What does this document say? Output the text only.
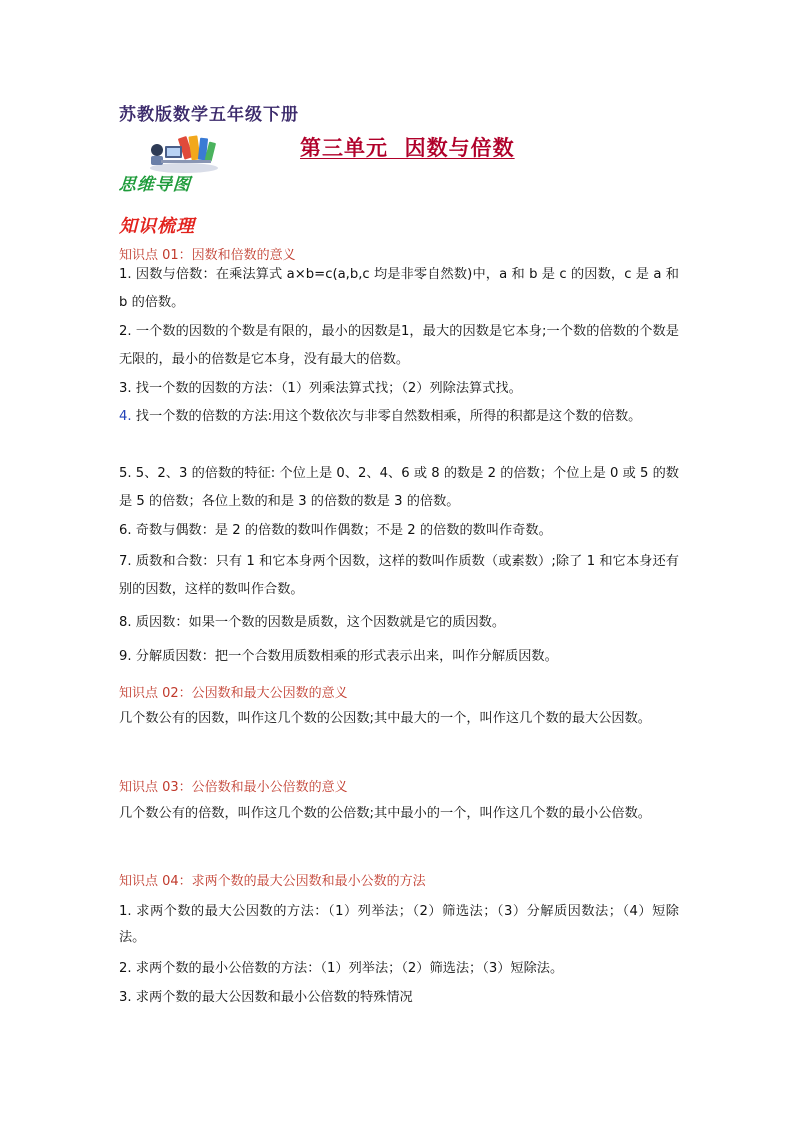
苏教版数学五年级下册
第三单元  因数与倍数
思维导图
知识梳理
知识点 01：因数和倍数的意义
1. 因数与倍数：在乘法算式 a×b=c(a,b,c 均是非零自然数)中，a 和 b 是 c 的因数，c 是 a 和 b 的倍数。
2. 一个数的因数的个数是有限的，最小的因数是1，最大的因数是它本身;一个数的倍数的个数是无限的，最小的倍数是它本身，没有最大的倍数。
3. 找一个数的因数的方法：（1）列乘法算式找；（2）列除法算式找。
4. 找一个数的倍数的方法:用这个数依次与非零自然数相乘，所得的积都是这个数的倍数。
5. 5、2、3 的倍数的特征: 个位上是 0、2、4、6 或 8 的数是 2 的倍数；个位上是 0 或 5 的数是 5 的倍数；各位上数的和是 3 的倍数的数是 3 的倍数。
6. 奇数与偶数：是 2 的倍数的数叫作偶数；不是 2 的倍数的数叫作奇数。
7. 质数和合数：只有 1 和它本身两个因数，这样的数叫作质数（或素数）;除了 1 和它本身还有别的因数，这样的数叫作合数。
8. 质因数：如果一个数的因数是质数，这个因数就是它的质因数。
9. 分解质因数：把一个合数用质数相乘的形式表示出来，叫作分解质因数。
知识点 02：公因数和最大公因数的意义
几个数公有的因数，叫作这几个数的公因数;其中最大的一个，叫作这几个数的最大公因数。
知识点 03：公倍数和最小公倍数的意义
几个数公有的倍数，叫作这几个数的公倍数;其中最小的一个，叫作这几个数的最小公倍数。
知识点 04：求两个数的最大公因数和最小公数的方法
1. 求两个数的最大公因数的方法：（1）列举法；（2）筛选法；（3）分解质因数法；（4）短除法。
2. 求两个数的最小公倍数的方法：（1）列举法；（2）筛选法；（3）短除法。
3. 求两个数的最大公因数和最小公倍数的特殊情况
